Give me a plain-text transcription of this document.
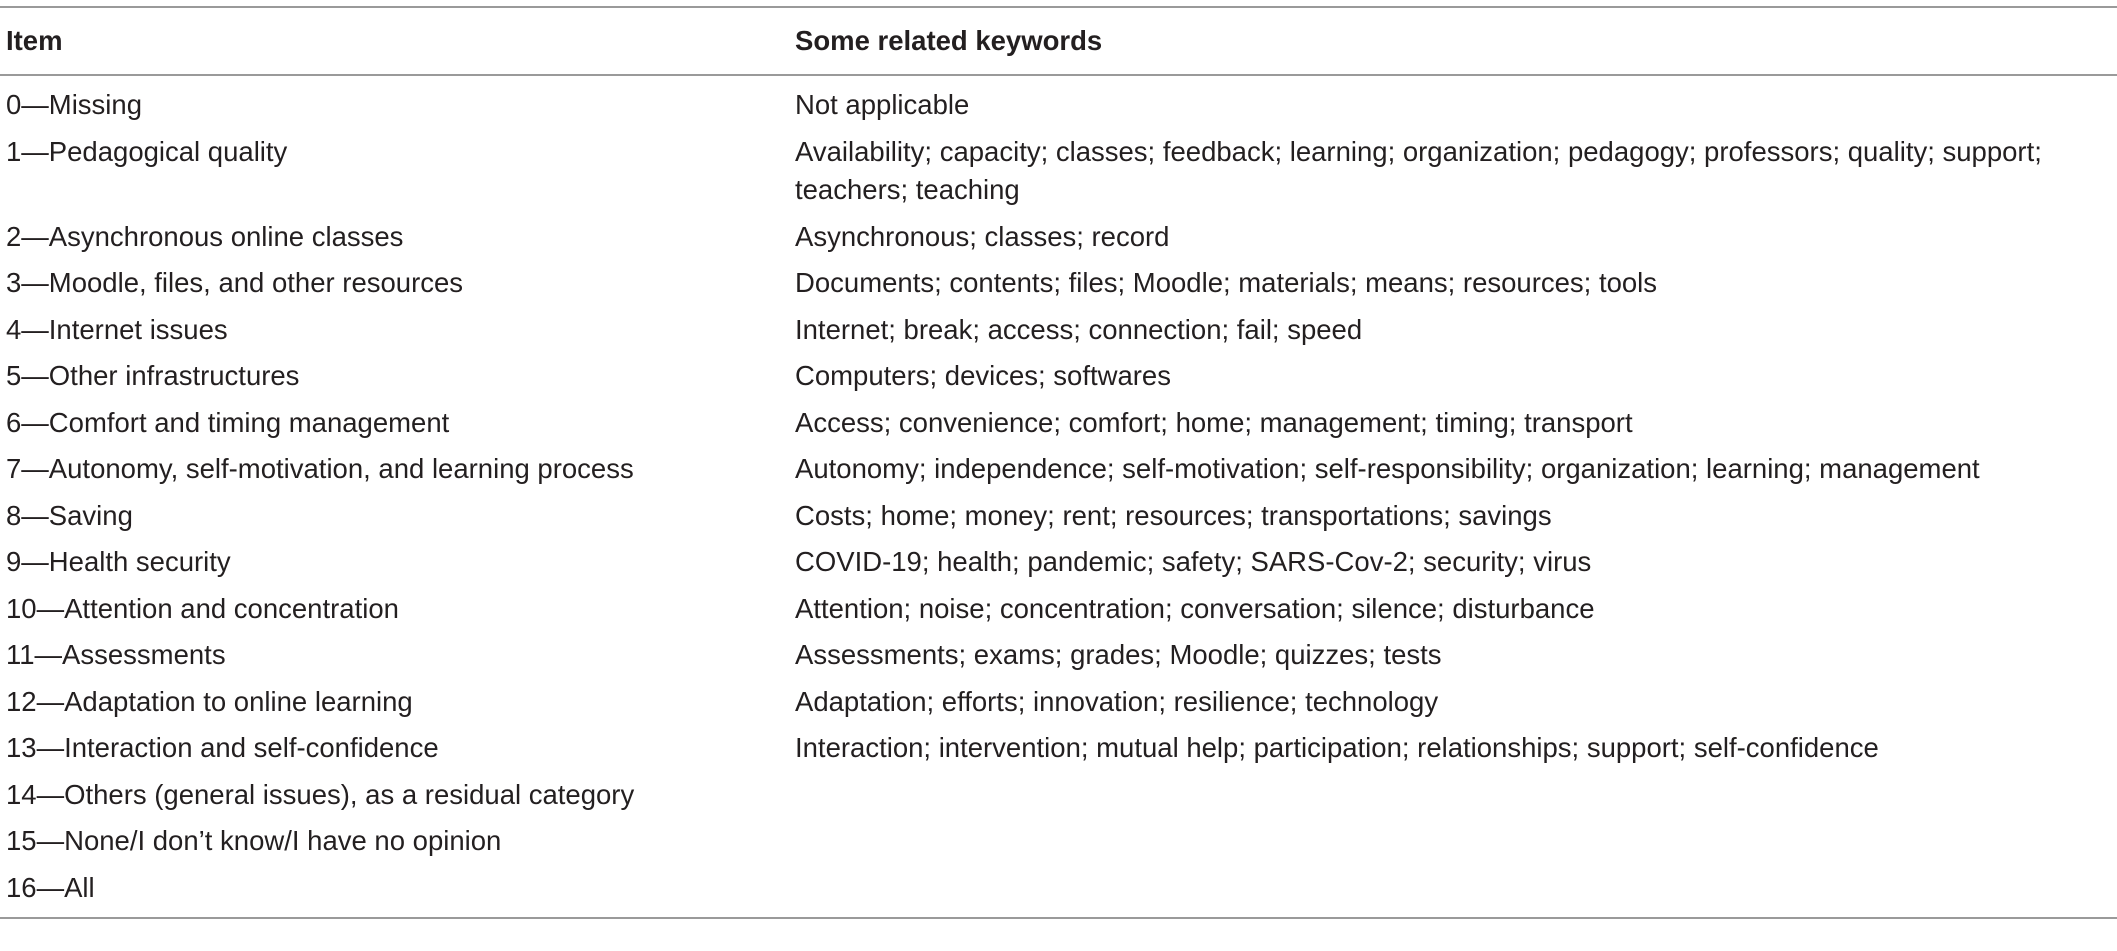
Item	Some related keywords
0—Missing	Not applicable
1—Pedagogical quality	Availability; capacity; classes; feedback; learning; organization; pedagogy; professors; quality; support; teachers; teaching
2—Asynchronous online classes	Asynchronous; classes; record
3—Moodle, files, and other resources	Documents; contents; files; Moodle; materials; means; resources; tools
4—Internet issues	Internet; break; access; connection; fail; speed
5—Other infrastructures	Computers; devices; softwares
6—Comfort and timing management	Access; convenience; comfort; home; management; timing; transport
7—Autonomy, self-motivation, and learning process	Autonomy; independence; self-motivation; self-responsibility; organization; learning; management
8—Saving	Costs; home; money; rent; resources; transportations; savings
9—Health security	COVID-19; health; pandemic; safety; SARS-Cov-2; security; virus
10—Attention and concentration	Attention; noise; concentration; conversation; silence; disturbance
11—Assessments	Assessments; exams; grades; Moodle; quizzes; tests
12—Adaptation to online learning	Adaptation; efforts; innovation; resilience; technology
13—Interaction and self-confidence	Interaction; intervention; mutual help; participation; relationships; support; self-confidence
14—Others (general issues), as a residual category	
15—None/I don’t know/I have no opinion	
16—All	
